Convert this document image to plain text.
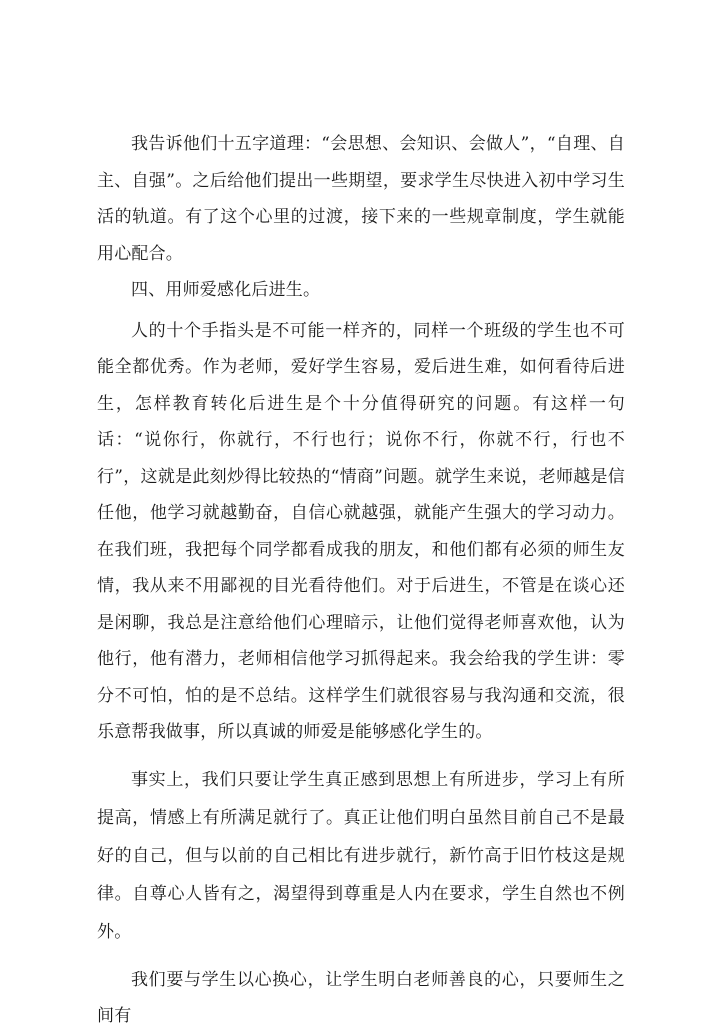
我告诉他们十五字道理：“会思想、会知识、会做人”，“自理、自主、自强”。之后给他们提出一些期望，要求学生尽快进入初中学习生活的轨道。有了这个心里的过渡，接下来的一些规章制度，学生就能用心配合。

四、用师爱感化后进生。

人的十个手指头是不可能一样齐的，同样一个班级的学生也不可能全都优秀。作为老师，爱好学生容易，爱后进生难，如何看待后进生，怎样教育转化后进生是个十分值得研究的问题。有这样一句话：“说你行，你就行，不行也行；说你不行，你就不行，行也不行”，这就是此刻炒得比较热的“情商”问题。就学生来说，老师越是信任他，他学习就越勤奋，自信心就越强，就能产生强大的学习动力。在我们班，我把每个同学都看成我的朋友，和他们都有必须的师生友情，我从来不用鄙视的目光看待他们。对于后进生，不管是在谈心还是闲聊，我总是注意给他们心理暗示，让他们觉得老师喜欢他，认为他行，他有潜力，老师相信他学习抓得起来。我会给我的学生讲：零分不可怕，怕的是不总结。这样学生们就很容易与我沟通和交流，很乐意帮我做事，所以真诚的师爱是能够感化学生的。

事实上，我们只要让学生真正感到思想上有所进步，学习上有所提高，情感上有所满足就行了。真正让他们明白虽然目前自己不是最好的自己，但与以前的自己相比有进步就行，新竹高于旧竹枝这是规律。自尊心人皆有之，渴望得到尊重是人内在要求，学生自然也不例外。

我们要与学生以心换心，让学生明白老师善良的心，只要师生之间有
